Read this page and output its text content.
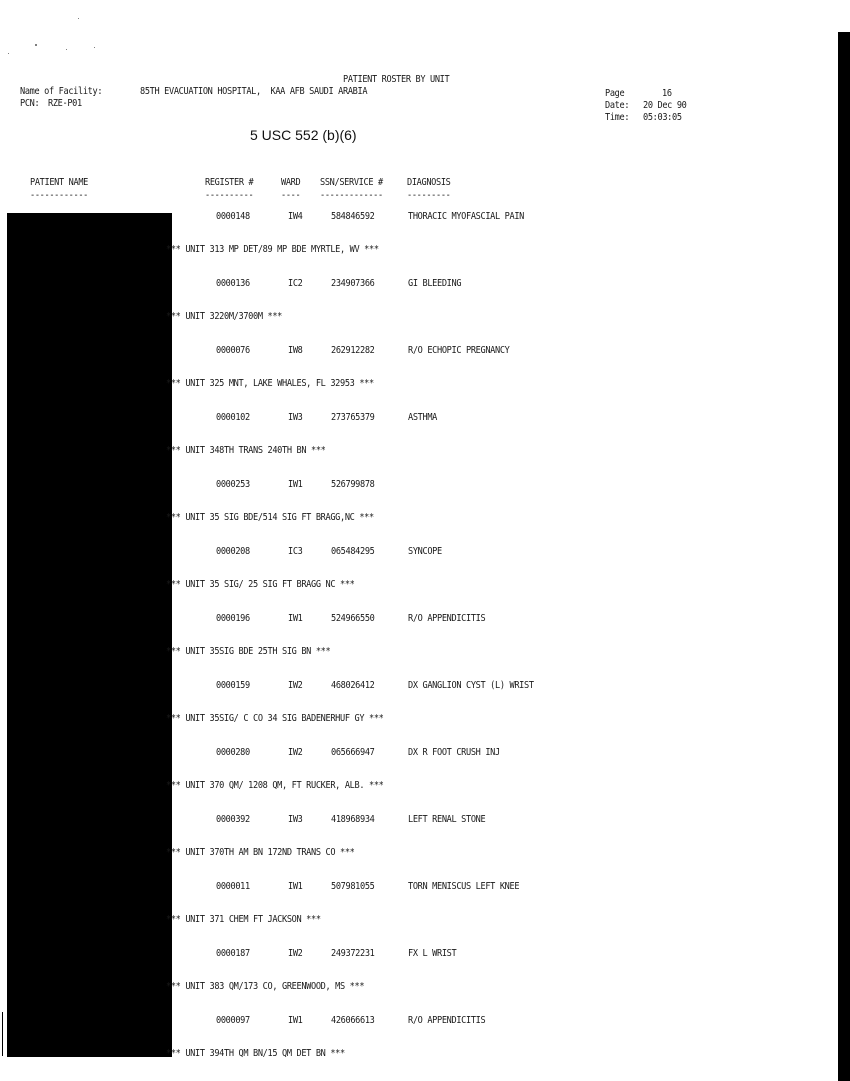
PATIENT ROSTER BY UNIT
Name of Facility:	85TH EVACUATION HOSPITAL,  KAA AFB SAUDI ARABIA
PCN: RZE-P01
Page	16
Date: 20 Dec 90
Time: 05:03:05
5 USC 552 (b)(6)
PATIENT NAME	REGISTER #	WARD SSN/SERVICE # DIAGNOSIS
------------	----------	---- ------------- ---------
0000148	IW4	584846592	THORACIC MYOFASCIAL PAIN
*** UNIT 313 MP DET/89 MP BDE MYRTLE, WV ***
0000136	IC2	234907366	GI BLEEDING
*** UNIT 3220M/3700M ***
0000076	IW8	262912282	R/O ECHOPIC PREGNANCY
*** UNIT 325 MNT, LAKE WHALES, FL 32953 ***
0000102	IW3	273765379	ASTHMA
*** UNIT 348TH TRANS 240TH BN ***
0000253	IW1	526799878
*** UNIT 35 SIG BDE/514 SIG FT BRAGG,NC ***
0000208	IC3	065484295	SYNCOPE
*** UNIT 35 SIG/ 25 SIG FT BRAGG NC ***
0000196	IW1	524966550	R/O APPENDICITIS
*** UNIT 35SIG BDE 25TH SIG BN ***
0000159	IW2	468026412	DX GANGLION CYST (L) WRIST
*** UNIT 35SIG/ C CO 34 SIG BADENERHUF GY ***
0000280	IW2	065666947	DX R FOOT CRUSH INJ
*** UNIT 370 QM/ 1208 QM, FT RUCKER, ALB. ***
0000392	IW3	418968934	LEFT RENAL STONE
*** UNIT 370TH AM BN 172ND TRANS CO ***
0000011	IW1	507981055	TORN MENISCUS LEFT KNEE
*** UNIT 371 CHEM FT JACKSON ***
0000187	IW2	249372231	FX L WRIST
*** UNIT 383 QM/173 CO, GREENWOOD, MS ***
0000097	IW1	426066613	R/O APPENDICITIS
*** UNIT 394TH QM BN/15 QM DET BN ***
